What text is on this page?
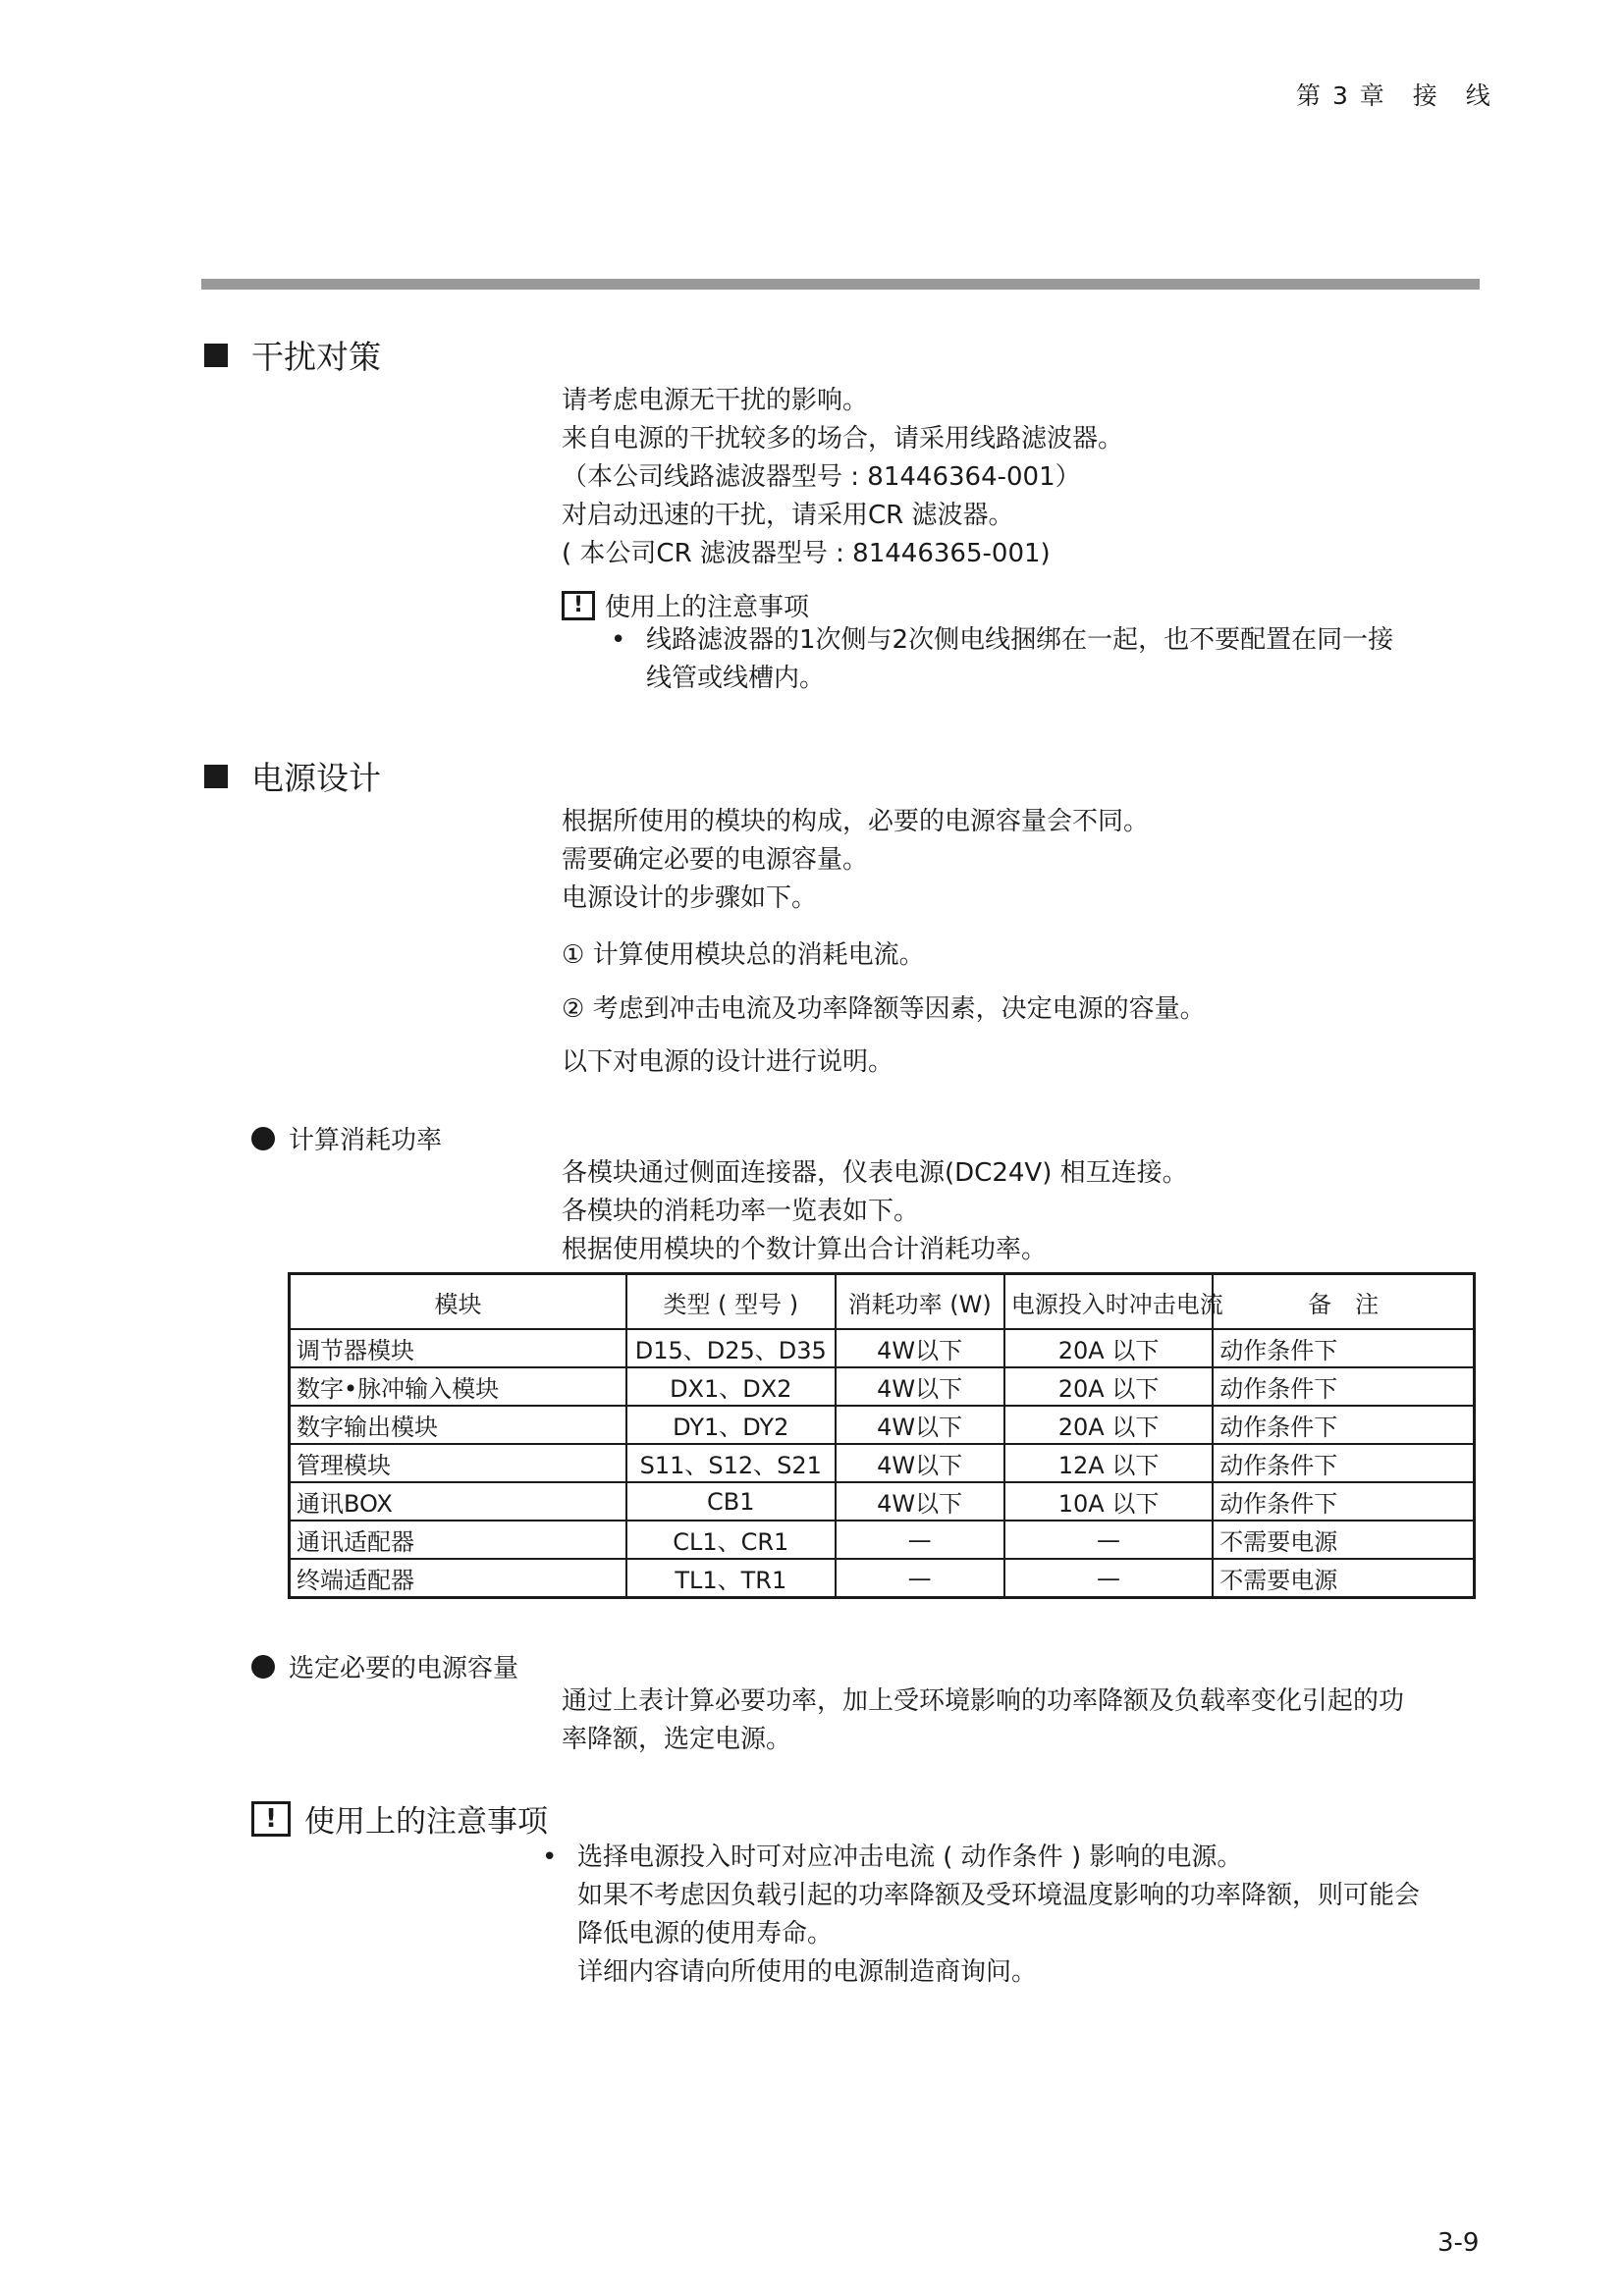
第 3 章　接　线
干扰对策
请考虑电源无干扰的影响。
来自电源的干扰较多的场合，请采用线路滤波器。
（本公司线路滤波器型号 : 81446364-001）
对启动迅速的干扰，请采用CR 滤波器。
( 本公司CR 滤波器型号 : 81446365-001)
! 使用上的注意事项
• 线路滤波器的1次侧与2次侧电线捆绑在一起，也不要配置在同一接
线管或线槽内。
电源设计
根据所使用的模块的构成，必要的电源容量会不同。
需要确定必要的电源容量。
电源设计的步骤如下。
① 计算使用模块总的消耗电流。
② 考虑到冲击电流及功率降额等因素，决定电源的容量。
以下对电源的设计进行说明。
计算消耗功率
各模块通过侧面连接器，仪表电源(DC24V) 相互连接。
各模块的消耗功率一览表如下。
根据使用模块的个数计算出合计消耗功率。
模块	类型 ( 型号 )	消耗功率 (W)	电源投入时冲击电流	备　注
调节器模块	D15、D25、D35	4W以下	20A 以下	动作条件下
数字•脉冲输入模块	DX1、DX2	4W以下	20A 以下	动作条件下
数字输出模块	DY1、DY2	4W以下	20A 以下	动作条件下
管理模块	S11、S12、S21	4W以下	12A 以下	动作条件下
通讯BOX	CB1	4W以下	10A 以下	动作条件下
通讯适配器	CL1、CR1	—	—	不需要电源
终端适配器	TL1、TR1	—	—	不需要电源
选定必要的电源容量
通过上表计算必要功率，加上受环境影响的功率降额及负载率变化引起的功
率降额，选定电源。
! 使用上的注意事项
• 选择电源投入时可对应冲击电流 ( 动作条件 ) 影响的电源。
如果不考虑因负载引起的功率降额及受环境温度影响的功率降额，则可能会
降低电源的使用寿命。
详细内容请向所使用的电源制造商询问。
3-9
